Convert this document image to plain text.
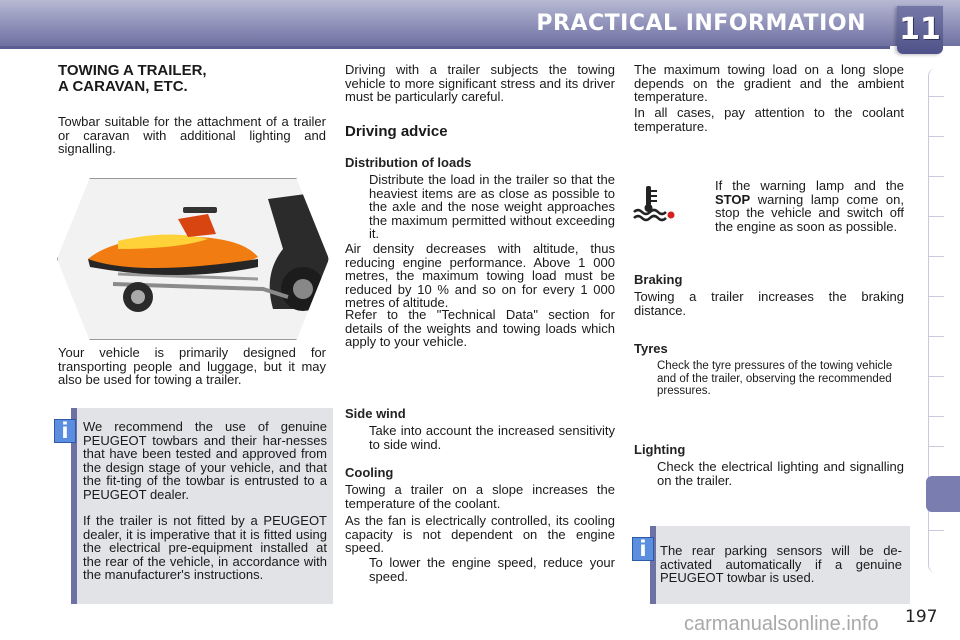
PRACTICAL INFORMATION 11
TOWING A TRAILER,
A CARAVAN, ETC.
Towbar suitable for the attachment of a trailer or caravan with additional lighting and signalling.
Your vehicle is primarily designed for transporting people and luggage, but it may also be used for towing a trailer.
We recommend the use of genuine PEUGEOT towbars and their har-nesses that have been tested and approved from the design stage of your vehicle, and that the fit-ting of the towbar is entrusted to a PEUGEOT dealer.
If the trailer is not fitted by a PEUGEOT dealer, it is imperative that it is fitted using the electrical pre-equipment installed at the rear of the vehicle, in accordance with the manufacturer's instructions.
i
Driving with a trailer subjects the towing vehicle to more significant stress and its driver must be particularly careful.
Driving advice
Distribution of loads
Distribute the load in the trailer so that the heaviest items are as close as possible to the axle and the nose weight approaches the maximum permitted without exceeding it.
Air density decreases with altitude, thus reducing engine performance. Above 1 000 metres, the maximum towing load must be reduced by 10 % and so on for every 1 000 metres of altitude.
Refer to the "Technical Data" section for details of the weights and towing loads which apply to your vehicle.
Side wind
Take into account the increased sensitivity to side wind.
Cooling
Towing a trailer on a slope increases the temperature of the coolant.
As the fan is electrically controlled, its cooling capacity is not dependent on the engine speed.
To lower the engine speed, reduce your speed.
The maximum towing load on a long slope depends on the gradient and the ambient temperature.
In all cases, pay attention to the coolant temperature.
If the warning lamp and the STOP warning lamp come on, stop the vehicle and switch off the engine as soon as possible.
Braking
Towing a trailer increases the braking distance.
Tyres
Check the tyre pressures of the towing vehicle and of the trailer, observing the recommended pressures.
Lighting
Check the electrical lighting and signalling on the trailer.
The rear parking sensors will be de-activated automatically if a genuine PEUGEOT towbar is used.
i
carmanualsonline.info 197
